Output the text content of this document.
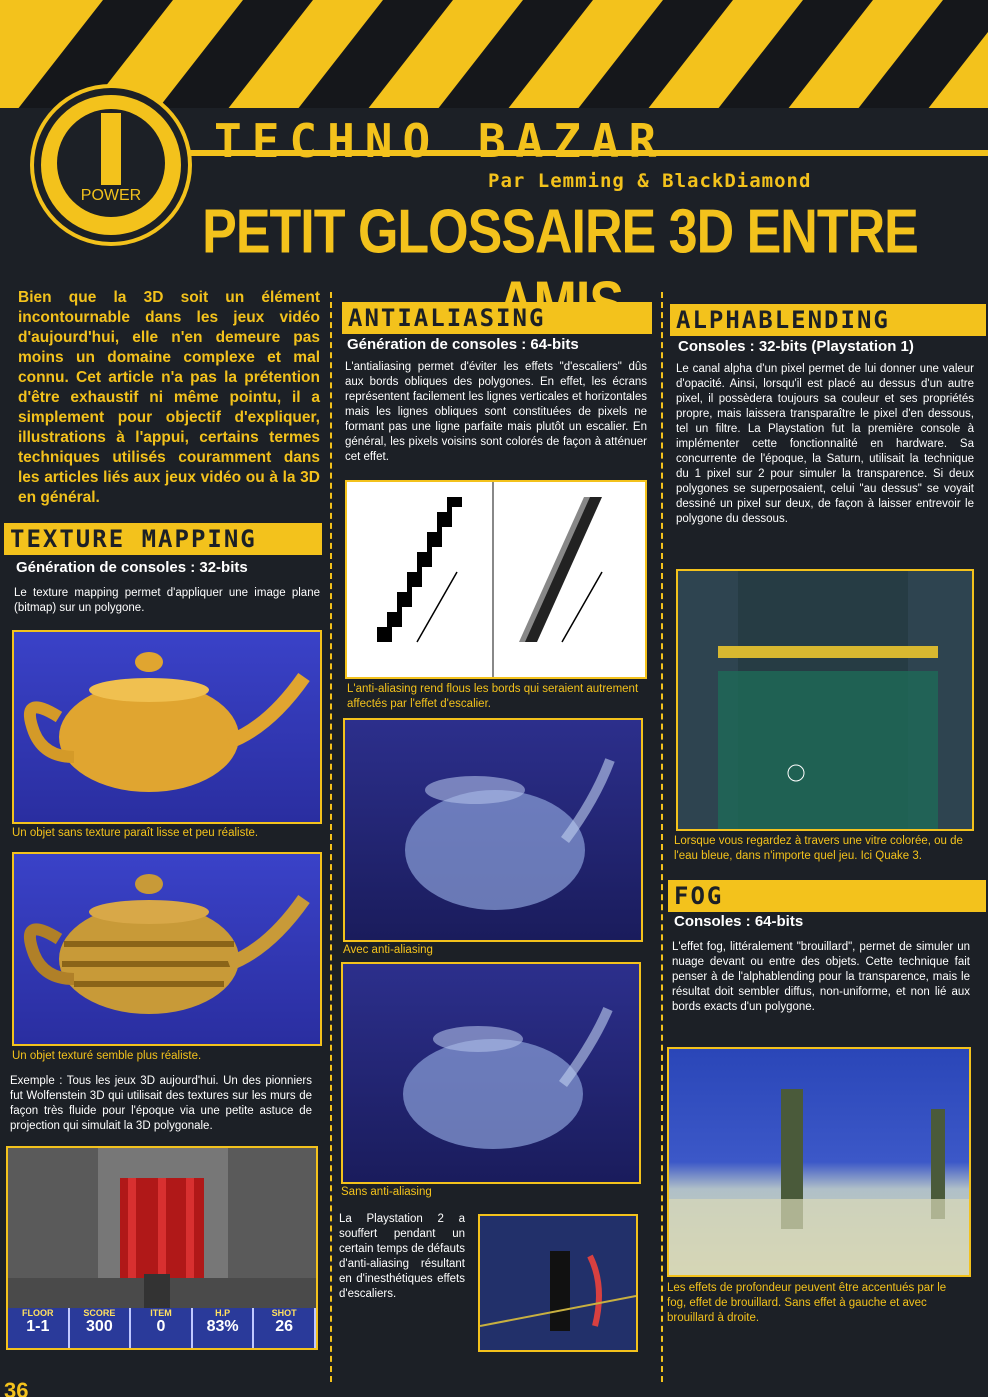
POWER
TECHNO BAZAR
Par Lemming & BlackDiamond
PETIT GLOSSAIRE 3D ENTRE
Bien que la 3D soit un élément incontournable dans les jeux vidéo d'aujourd'hui, elle n'en demeure pas moins un domaine complexe et mal connu. Cet article n'a pas la prétention d'être exhaustif ni même pointu, il a simplement pour objectif d'expliquer, illustrations à l'appui, certains termes techniques utilisés couramment dans les articles liés aux jeux vidéo ou à la 3D en général.
TEXTURE MAPPING
Génération de consoles : 32-bits
Le texture mapping permet d'appliquer une image plane (bitmap) sur un polygone.
Un objet sans texture paraît lisse et peu réaliste.
Un objet texturé semble plus réaliste.
Exemple : Tous les jeux 3D aujourd'hui. Un des pionniers fut Wolfenstein 3D qui utilisait des textures sur les murs de façon très fluide pour l'époque via une petite astuce de projection qui simulait la 3D polygonale.
FLOOR
1-1
SCORE
300
ITEM
0
H.P
83%
SHOT
26
ANTIALIASING
Génération de consoles : 64-bits
L'antialiasing permet d'éviter les effets "d'escaliers" dûs aux bords obliques des polygones. En effet, les écrans représentent facilement les lignes verticales et horizontales mais les lignes obliques sont constituées de pixels ne formant pas une ligne parfaite mais plutôt un escalier. En général, les pixels voisins sont colorés de façon à atténuer cet effet.
L'anti-aliasing rend flous les bords qui seraient autrement affectés par l'effet d'escalier.
Avec anti-aliasing
Sans anti-aliasing
La Playstation 2 a souffert pendant un certain temps de défauts d'anti-aliasing résultant en d'inesthétiques effets d'escaliers.
ALPHABLENDING
Consoles : 32-bits (Playstation 1)
Le canal alpha d'un pixel permet de lui donner une valeur d'opacité. Ainsi, lorsqu'il est placé au dessus d'un autre pixel, il possèdera toujours sa couleur et ses propriétés propre, mais laissera transparaître le pixel d'en dessous, tel un filtre. La Playstation fut la première console à implémenter cette fonctionnalité en hardware. Sa concurrente de l'époque, la Saturn, utilisait la technique du 1 pixel sur 2 pour simuler la transparence. Si deux polygones se superposaient, celui "au dessus" se voyait dessiné un pixel sur deux, de façon à laisser entrevoir le polygone du dessous.
Lorsque vous regardez à travers une vitre colorée, ou de l'eau bleue, dans n'importe quel jeu. Ici Quake 3.
FOG
Consoles : 64-bits
L'effet fog, littéralement "brouillard", permet de simuler un nuage devant ou entre des objets. Cette technique fait penser à de l'alphablending pour la transparence, mais le résultat doit sembler diffus, non-uniforme, et non lié aux bords exacts d'un polygone.
Les effets de profondeur peuvent être accentués par le fog, effet de brouillard. Sans effet à gauche et avec brouillard à droite.
36
